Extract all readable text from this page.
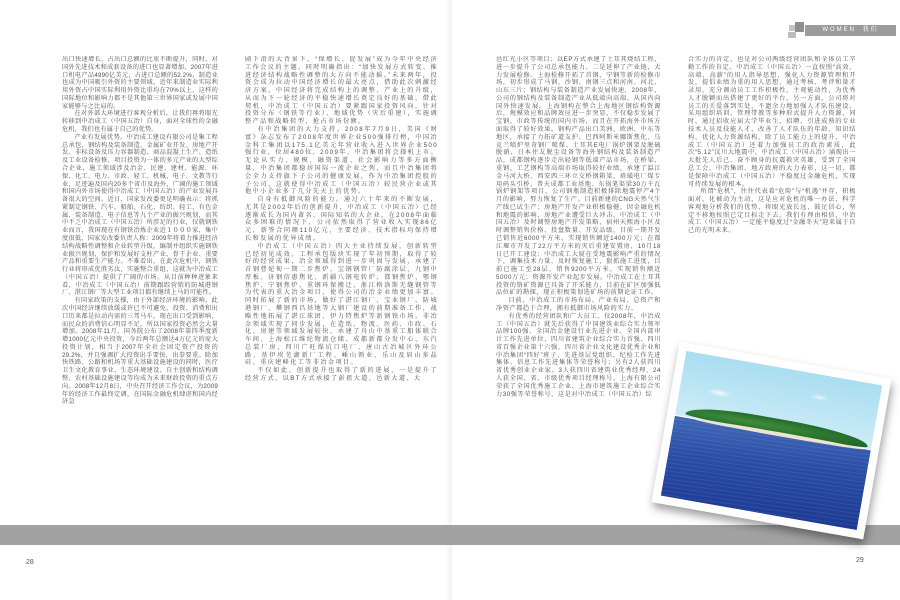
WOMEN 我们

出口快速增长，占出口总额的比重不断提升，同时，对国外先进技术和成套设备的进口也显著增加，2007年进口机电产品4990亿美元，占进口总额的52.2%，制造业也成为中国吸引外资的主要领域。近年来制造业实际利用外资占中国实际利用外资比重均在70%以上，这样的国际地位和影响力都不是其他第三世界国家或发展中国家能够与之比肩的。

在对外部大环境进行客观分析后，让我们再将眼光转移到中冶成工（中国五冶）自身，面对全球性的金融危机，我们也有属于自己的优势。

产业有发展优势。中冶成工建设有限公司是集工程总承包、钢结构及装备制造、金属矿业开发、房地产开发、非标设备及压力容器制造、商品混凝土生产、造纸及工业设备检修、项目投资为一体的多元产业的大型综合企业，施工领域涉及冶金、民建、建材、能源、环保、化工、电力、市政、轻工、机械、电子、文教等行业，足迹遍及国内20多个省市及海外，广阔的施工领域和国内外市场使得中冶成工（中国五冶）的产业发展具备很大的空间。近日，国家发改委更是明确表示：将抓紧制定钢铁、汽车、船舶、石化、纺织、轻工、有色金属、装备制造、电子信息等九个产业的振兴规划，而其中不乏中冶成工（中国五冶）所涉足的行业，仅就钢铁业而言，我国现在有钢铁冶炼企业近１０００家，集中度很低，国家发改委负责人称：2009年将着力推进经济结构战略性调整和企业转型升级，编制并组织实施钢铁业振兴规划，保护和发展好支柱产业、骨干企业、重要产品和重要生产能力。不难看出，在此次危机中，钢铁行业将形成优胜劣汰，实施整合重组，这就为中冶成工（中国五冶）提供了广阔的市场。从目前种种迹象来看，中冶成工（中国五冶）前期跟踪营销的防城港钢厂、湛江钢厂等大型工业项目都有继续上马的可能性。

有国家政策的支撑，由于外部经济环境的影响，此次中国经济继续放缓或许已不可避免，投资、消费和出口历来都是拉动内需的三驾马车，现在出口受到影响，而民众的消费信心明显不足，所以国家投资必然会大量增加。2008年11月，国务院公布了2008年第四季度新增1000亿元中央投资，今后两年总额达4万亿元的庞大投资计划，相当于2007年全社会固定资产投资的29.2%，并且强调扩大投资出手要快，出拳要重。除加快铁路、公路和机场等重大基础设施建设的同时，医疗卫生文化教育事业、生态环境建设、自主创新和结构调整、农村基础设施建设等均成为未来财政投资的重点方向。2008年12月8日，中央召开经济工作会议，为2009年的经济工作最终定调，在国际金融危机肆虐和国内经济急

剧下滑的大背景下，“保增长、促发展”成为今年中央经济工作会议的主题，同时明确指出：“加快发展方式转变、推进经济结构战略性调整的大方向不能动摇。”未来两年，投资会成为拉动中国经济增长的最大亮点，借助此次刺激经济方案，中国经济将完成结构上的调整、产业上的升级，从而为下一轮经济的平稳快速增长奠定良好的基础，借此契机，中冶成工（中国五冶）要紧跟国家投资风向，针对投资分布（钢铁等行业）、地域优势（灾后重建），实施调整产品和战略转型，抢占市场份额。

有中冶集团的大力支持。2008年7月9日，美国《财富》杂志发布了2008年度世界企业500强排行榜，中国冶金科工集团以175.1亿美元年营业收入进入世界企业500强行业，位居480位。2009年，中冶集团将会择机上市。无论从实力、规模、融资渠道、社会影响力等多方面衡量，中冶集团都稳居国际一流企业之列，而且中冶集团将会全力支持旗下子公司的健康发展，作为中冶集团控股的子公司，这就使得中冶成工（中国五冶）较民营企业或其他中小企业多了几分先天上的优势。

自身有抵御风险的能力。通过六十年来的不断发展，尤其是2002年后的创新提升，中冶成工（中国五冶）已经逐渐成长为国内著名、国际知名的大企业，在2008年面临众多困难的情况下，公司依然取得了营业收入实现86亿元，新签合同额110亿元，主要经济、技术指标均保持增长和发展的优异成绩。

中冶成工（中国五冶）四大主业持续发展，创新转型已经初见成效。工程承包版块实现了年初预期，取得了较好的经营成果，冶金领域得到进一步巩固与发展，承建了首钢曹妃甸一期二步焦炉、宝钢钢管厂防腐涂层、九钢中厚板、济钢信惠焦化、新疆八钢电转炉、邯钢焦炉、鄂钢焦炉、宁钢焦炉、重钢环保搬迁、浙江格洛斯无缝钢管等为代表的重大冶金项目，使得公司的冶金业绩更加丰富。同时拓展了新的市场，做好了湛江钢厂、宝业钢厂、防城港钢厂、攀钢西昌基地等大钢厂建设的前期准备工作，战略性地拓展了湛江球团、伊力特焦炉等新钢铁市场。非冶金领域实现了同步发展，在造纸、物流、医药、市政、石化、房建等领域发展较快，承建了舟山中基重工船体联合车间、上海松江维纶物流仓储、成都新都分发中心、东汽总装厂房、四川广旺煤坑口电厂、唐山古冶城区外环公路、基伊埃芜湖新厂工程、嵊山领业、乐山及眉山多晶硅、重庆建峰化工等非冶金项目。

不仅如此，创新提升也取得了新的进展，一是提升了经营方式，以BT方式承接了彭祖大道、邑新大道、大

邑红光小区等项目；以EP方式承建了土耳其烧结工程，进一步提升了公司总承包能力。二是延伸了产业链，大力发展检修。上海检修开拓了首钢、宁钢等新的检修市场，初步形成了马钢、沙钢、南钢三点和河南、河北、山东三片；钢结构与装备制造产业发展快速，2008年，公司的钢结构及装备制造产业从低端向高端、从国内向国外快速发展。上海钢构在整合上海地区钢结构资源后，规模效应和品牌效应进一步突显，不仅稳步发展了宝钢、市政等传统的国内市场，而且在开拓海外市场方面取得了较好效果。钢构产品出口美洲、欧洲、中东等地区，承接了力拓矿道支护、巴西阿斯米娜斯焦化、乌克兰喷炉里奇钢厂喷煤、土耳其E电厂锅炉钢架及脱硫脱硝、日本住友脱尘设备等海外钢结构及装备制造产品，成都钢构逐步走出轻钢等低端产品市场，在桥梁、重钢、工艺钢构等高端市场取得较好业绩，承建了温江金马河大桥、西安西三环立交桥钢箱梁、珞璜电厂煤专用码头引桥、普天成都工业基地、东锅笔渠梁30万千瓦锅炉钢架等项目，公司钢瓶制造积极排除地震停产4个月的影响，努力恢复了生产。目前新建的CNG天然气生产线已试生产；房地产开发产业积极稳健，因金融危机和地震的影响，房地产业遭受巨大冲击，中冶成工（中国五冶）及时调整房地产开发策略，宿州天熙海小区及时调整销售价格、投盘数量、开发品级，目前一期开发已销售近6000平方米，实现销售额近1400万元；在都江堰市开发了22万平方米的灾后重建安置房，10月18日已开工建设；中冶成工大厦在受地震影响严重的情况下，调集技术力量，及时恢复施工，狠抓施工进度，目前已施工至28层、销售9200平方米，实现销售额近5000万元；资源开发产业起步发展。中冶成工在土耳其投资的铬矿资源已具备了开采能力，目前在矿区加强低品位矿的勘探，现正积极策划选矿场的前期论证工作。

目前，中冶成工的市场布局、产业布局、总资产和净资产都趋于合理，拥有抵御市场风险的实力。

有优秀的经营团队和广大员工，仅2008年，中冶成工（中国五冶）就先后获得了中国建筑业综合实力领军品牌100强、全国冶金建设行业先进企业、全国内部审计工作先进单位、四川省建筑企业综合实力首强、四川省百强企业第十六强、四川省企业文化建设优秀企业和中冶集团“四好”班子、先进基层党组织、纪检工作先进集体、信息工作先进集体等荣誉称号；另有2人获四川省优秀创业企业家、3人获四川省建筑业优秀经理、24人获全国、省、市级优秀项目经理称号，上海有限公司荣获了全国优秀施工企业、上海市建筑施工企业综合实力30强等荣誉称号，这是对中冶成工（中国五冶）综

合实力的肯定，也是对公司两级经营团队和全体员工辛勤工作的肯定。中冶成工（中国五冶）一直按照“高效、高端、高薪”的用人指导思想，强化人力资源管理和开发，提倡业绩为重的用人思想，通过考核、考评和量才录用，充分调动员工工作积极性、主观能动性，为优秀人才脱颖而出搭建了更好的平台，另一方面，公司将对员工的关爱落到实处，不遗余力地加强人才队伍建设，采用组织培训、管理带教等多种形式提升人力资源，同时，通过招收应届大学毕业生，招聘、引进成熟的专业技术人员及技能人才，改善了人才队伍的年龄、知识结构，优化人力资源结构，除了员工能力上的提升，中冶成工（中国五冶）还着力加强员工的政治素质，此次“5.12”汶川大地震中，中冶成工（中国五冶）涌现出一大批先人后己、奋不顾身的抗震救灾英雄，受到了全国总工会、中冶集团、地方政府的大力表彰，这一切，都是保障中冶成工（中国五冶）平稳度过金融危机，实现可持续发展的根本。

所谓“危机”，往往代表着“危险”与“机遇”并存，积极面对，化被动为主动，这是应对危机的唯一办法，科学客观地分析我们的优势，将眼光放长远，鼓足信心，坚定不移地按照已定目标走下去。我们有理由相信，中冶成工（中国五冶）一定能平稳度过“金融冬天”迎来属于自己的光明未来。

28	29
